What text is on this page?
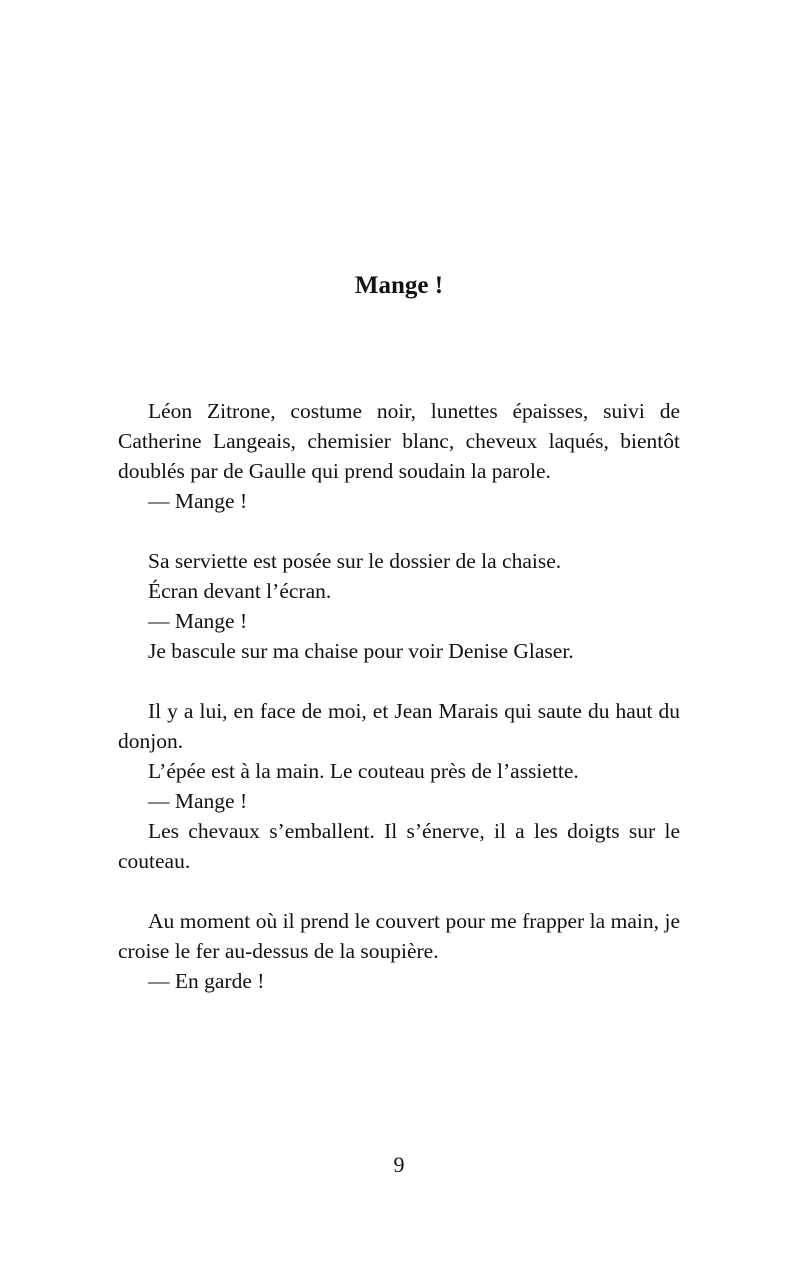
Mange !

Léon Zitrone, costume noir, lunettes épaisses, suivi de Catherine Langeais, chemisier blanc, cheveux laqués, bientôt doublés par de Gaulle qui prend soudain la parole.

— Mange !

Sa serviette est posée sur le dossier de la chaise.

Écran devant l’écran.

— Mange !

Je bascule sur ma chaise pour voir Denise Glaser.

Il y a lui, en face de moi, et Jean Marais qui saute du haut du donjon.

L’épée est à la main. Le couteau près de l’assiette.

— Mange !

Les chevaux s’emballent. Il s’énerve, il a les doigts sur le couteau.

Au moment où il prend le couvert pour me frapper la main, je croise le fer au-dessus de la soupière.

— En garde !

9
